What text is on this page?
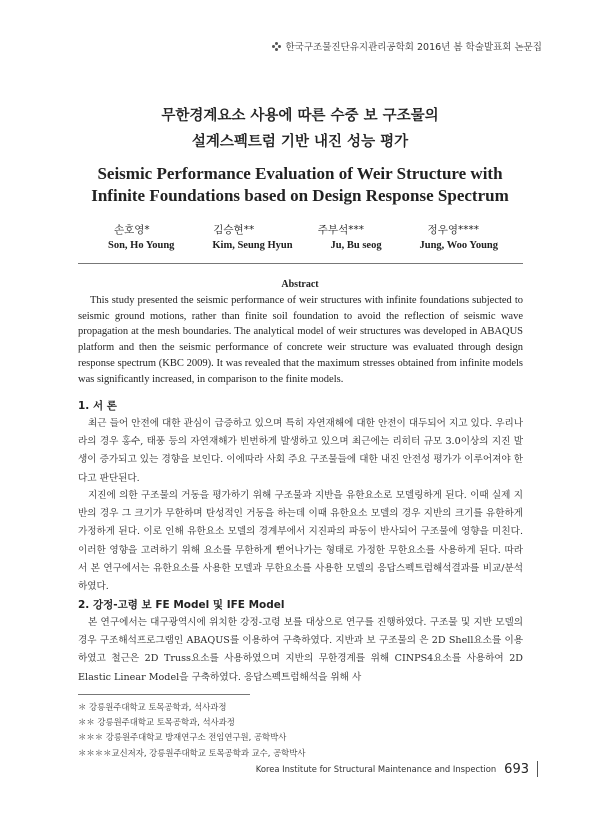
한국구조물진단유지관리공학회 2016년 봄 학술발표회 논문집
무한경계요소 사용에 따른 수중 보 구조물의
설계스펙트럼 기반 내진 성능 평가
Seismic Performance Evaluation of Weir Structure with
Infinite Foundations based on Design Response Spectrum
손호영*	김승현**	주부석***	정우영****
Son, Ho Young	Kim, Seung Hyun	Ju, Bu seog	Jung, Woo Young
Abstract

This study presented the seismic performance of weir structures with infinite foundations subjected to seismic ground motions, rather than finite soil foundation to avoid the reflection of seismic wave propagation at the mesh boundaries. The analytical model of weir structures was developed in ABAQUS platform and then the seismic performance of concrete weir structure was evaluated through design response spectrum (KBC 2009). It was revealed that the maximum stresses obtained from infinite models was significantly increased, in comparison to the finite models.

1. 서 론

최근 들어 안전에 대한 관심이 급증하고 있으며 특히 자연재해에 대한 안전이 대두되어 지고 있다. 우리나라의 경우 홍수, 태풍 등의 자연재해가 빈번하게 발생하고 있으며 최근에는 리히터 규모 3.0이상의 지진 발생이 증가되고 있는 경향을 보인다. 이에따라 사회 주요 구조물들에 대한 내진 안전성 평가가 이루어져야 한다고 판단된다.

지진에 의한 구조물의 거동을 평가하기 위해 구조물과 지반을 유한요소로 모델링하게 된다. 이때 실제 지반의 경우 그 크기가 무한하며 탄성적인 거동을 하는데 이때 유한요소 모델의 경우 지반의 크기를 유한하게 가정하게 된다. 이로 인해 유한요소 모델의 경계부에서 지진파의 파동이 반사되어 구조물에 영향을 미친다. 이러한 영향을 고려하기 위해 요소를 무한하게 뻗어나가는 형태로 가정한 무한요소를 사용하게 된다. 따라서 본 연구에서는 유한요소를 사용한 모델과 무한요소를 사용한 모델의 응답스펙트럼해석결과를 비교/분석하였다.

2. 강정-고령 보 FE Model 및 IFE Model

본 연구에서는 대구광역시에 위치한 강정-고령 보를 대상으로 연구를 진행하였다. 구조물 및 지반 모델의 경우 구조해석프로그램인 ABAQUS를 이용하여 구축하였다. 지반과 보 구조물의 은 2D Shell요소를 이용하였고 철근은 2D Truss요소를 사용하였으며 지반의 무한경계를 위해 CINPS4요소를 사용하여 2D Elastic Linear Model을 구축하였다. 응답스펙트럼해석을 위해 사

＊ 강릉원주대학교 토목공학과, 석사과정
＊＊ 강릉원주대학교 토목공학과, 석사과정
＊＊＊ 강릉원주대학교 방재연구소 전임연구원, 공학박사
＊＊＊＊교신저자, 강릉원주대학교 토목공학과 교수, 공학박사
Korea Institute for Structural Maintenance and Inspection 693
